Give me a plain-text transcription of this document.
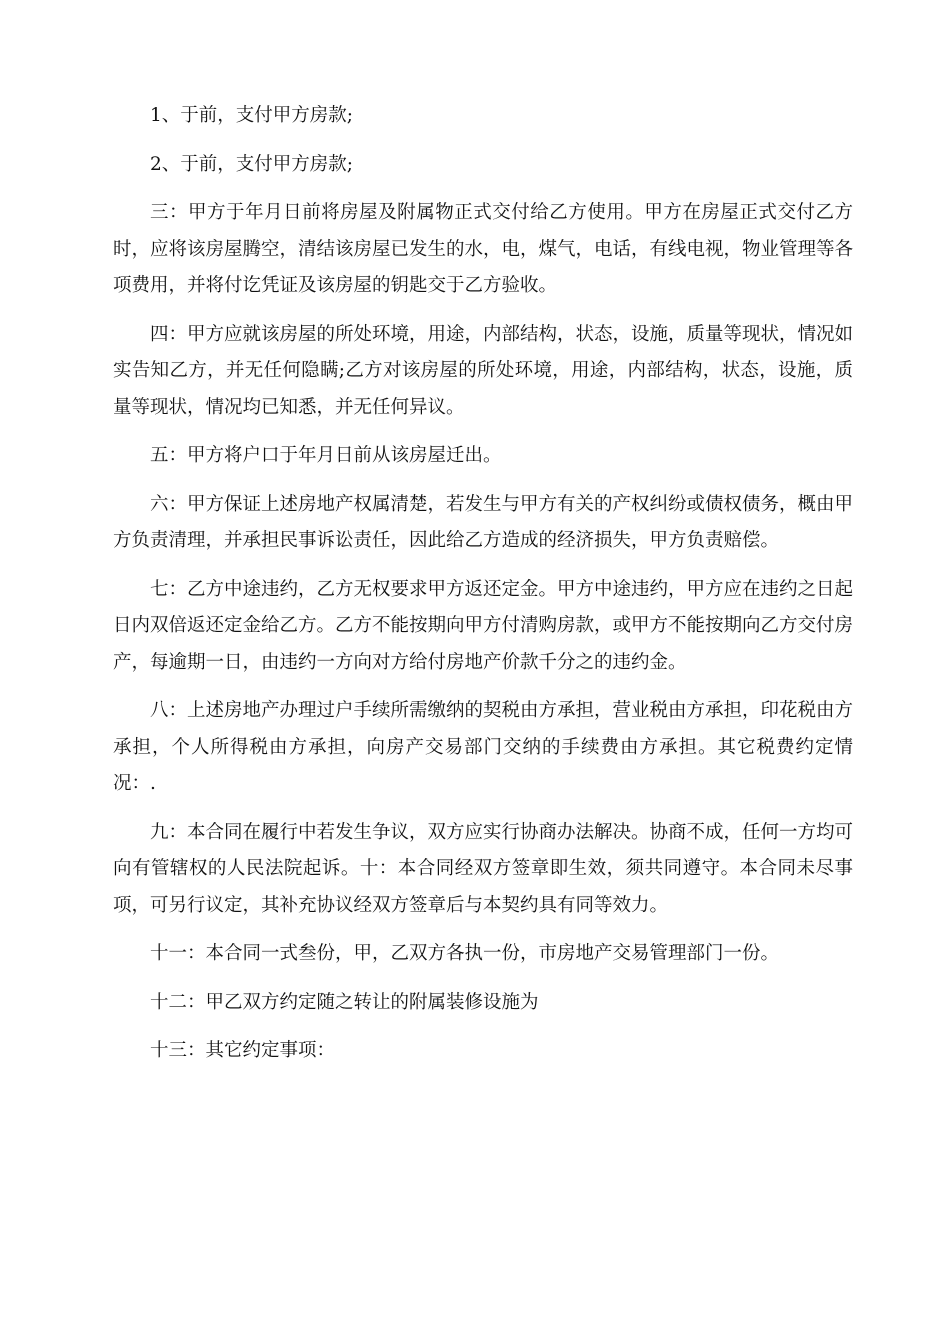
1、于前，支付甲方房款;

2、于前，支付甲方房款;

三：甲方于年月日前将房屋及附属物正式交付给乙方使用。甲方在房屋正式交付乙方时，应将该房屋腾空，清结该房屋已发生的水，电，煤气，电话，有线电视，物业管理等各项费用，并将付讫凭证及该房屋的钥匙交于乙方验收。

四：甲方应就该房屋的所处环境，用途，内部结构，状态，设施，质量等现状，情况如实告知乙方，并无任何隐瞒;乙方对该房屋的所处环境，用途，内部结构，状态，设施，质量等现状，情况均已知悉，并无任何异议。

五：甲方将户口于年月日前从该房屋迁出。

六：甲方保证上述房地产权属清楚，若发生与甲方有关的产权纠纷或债权债务，概由甲方负责清理，并承担民事诉讼责任，因此给乙方造成的经济损失，甲方负责赔偿。

七：乙方中途违约，乙方无权要求甲方返还定金。甲方中途违约，甲方应在违约之日起日内双倍返还定金给乙方。乙方不能按期向甲方付清购房款，或甲方不能按期向乙方交付房产，每逾期一日，由违约一方向对方给付房地产价款千分之的违约金。

八：上述房地产办理过户手续所需缴纳的契税由方承担，营业税由方承担，印花税由方承担，个人所得税由方承担，向房产交易部门交纳的手续费由方承担。其它税费约定情况：.

九：本合同在履行中若发生争议，双方应实行协商办法解决。协商不成，任何一方均可向有管辖权的人民法院起诉。十：本合同经双方签章即生效，须共同遵守。本合同未尽事项，可另行议定，其补充协议经双方签章后与本契约具有同等效力。

十一：本合同一式叁份，甲，乙双方各执一份，市房地产交易管理部门一份。

十二：甲乙双方约定随之转让的附属装修设施为

十三：其它约定事项：
